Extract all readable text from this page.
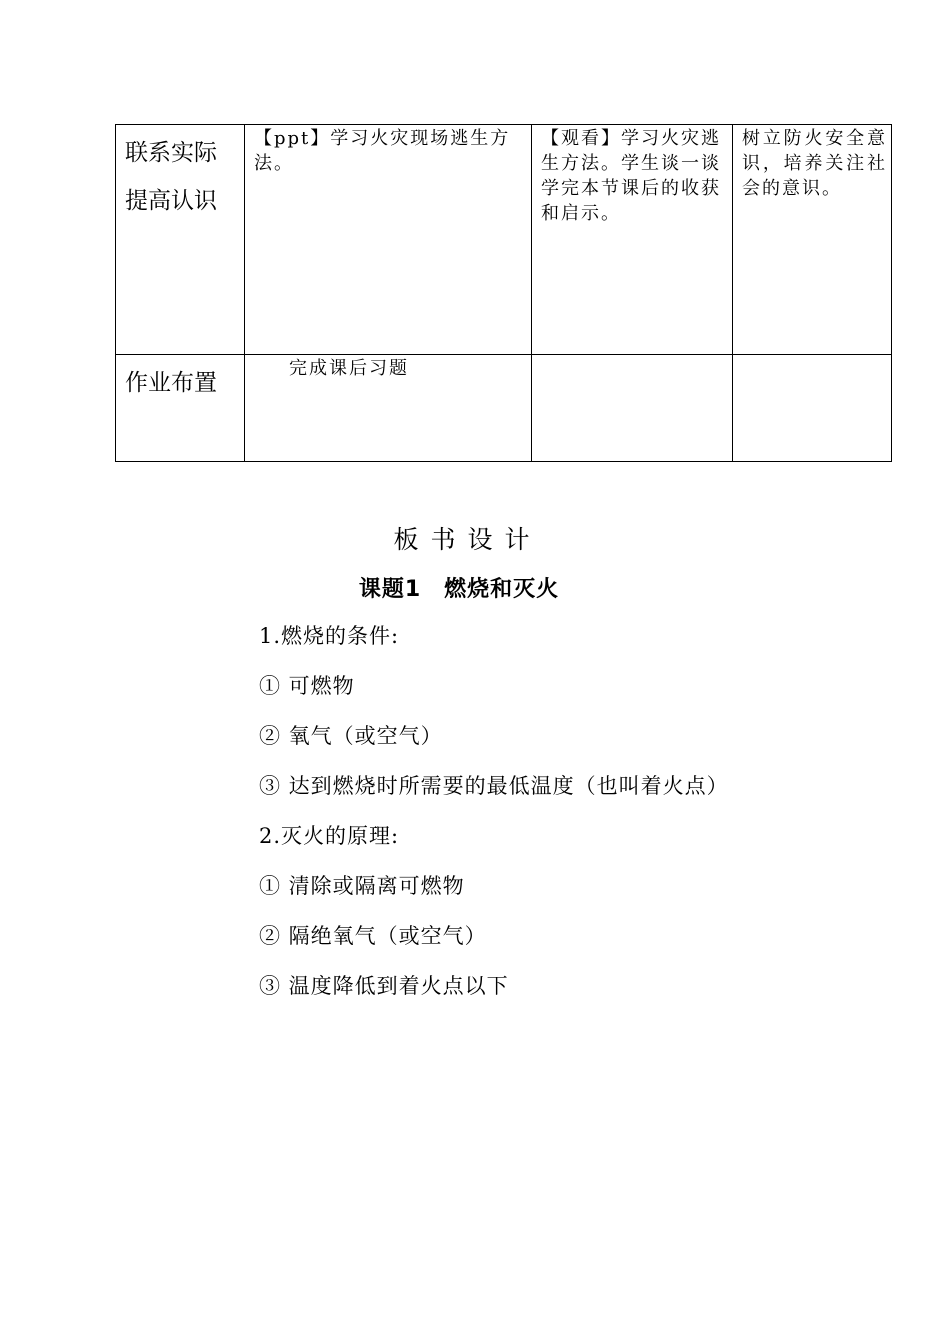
联系实际
提高认识	【ppt】学习火灾现场逃生方法。	【观看】学习火灾逃生方法。学生谈一谈学完本节课后的收获和启示。	树立防火安全意识，培养关注社会的意识。
作业布置	完成课后习题		
板书设计
课题1　燃烧和灭火
1.燃烧的条件:
① 可燃物
② 氧气（或空气）
③ 达到燃烧时所需要的最低温度（也叫着火点）
2.灭火的原理:
① 清除或隔离可燃物
② 隔绝氧气（或空气）
③ 温度降低到着火点以下
